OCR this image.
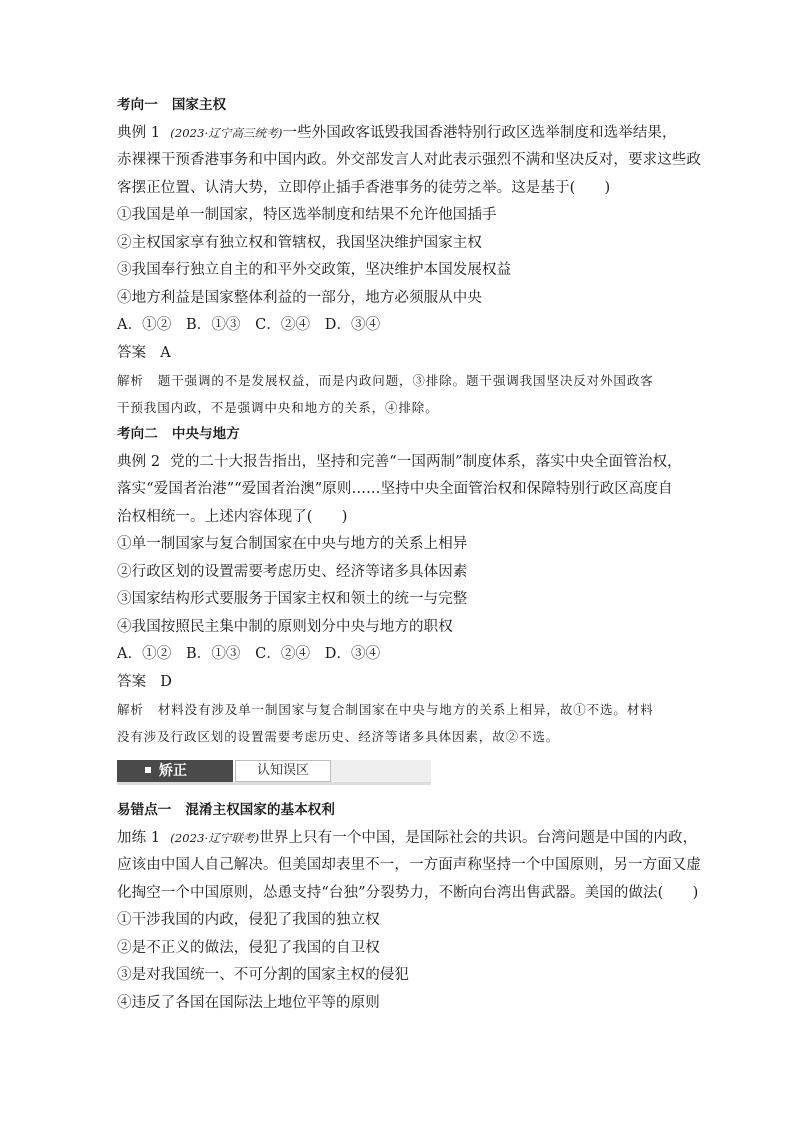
考向一 国家主权
典例 1 (2023·辽宁高三统考)一些外国政客诋毁我国香港特别行政区选举制度和选举结果，
赤裸裸干预香港事务和中国内政。外交部发言人对此表示强烈不满和坚决反对，要求这些政
客摆正位置、认清大势，立即停止插手香港事务的徒劳之举。这是基于(　　)
①我国是单一制国家，特区选举制度和结果不允许他国插手
②主权国家享有独立权和管辖权，我国坚决维护国家主权
③我国奉行独立自主的和平外交政策，坚决维护本国发展权益
④地方利益是国家整体利益的一部分，地方必须服从中央
A．①②　B．①③　C．②④　D．③④
答案 A
解析 题干强调的不是发展权益，而是内政问题，③排除。题干强调我国坚决反对外国政客
干预我国内政，不是强调中央和地方的关系，④排除。
考向二 中央与地方
典例 2 党的二十大报告指出，坚持和完善“一国两制”制度体系，落实中央全面管治权，
落实“爱国者治港”“爱国者治澳”原则……坚持中央全面管治权和保障特别行政区高度自
治权相统一。上述内容体现了(　　)
①单一制国家与复合制国家在中央与地方的关系上相异
②行政区划的设置需要考虑历史、经济等诸多具体因素
③国家结构形式要服务于国家主权和领土的统一与完整
④我国按照民主集中制的原则划分中央与地方的职权
A．①②　B．①③　C．②④　D．③④
答案 D
解析 材料没有涉及单一制国家与复合制国家在中央与地方的关系上相异，故①不选。材料
没有涉及行政区划的设置需要考虑历史、经济等诸多具体因素，故②不选。
矫正	认知误区
易错点一 混淆主权国家的基本权利
加练 1 (2023·辽宁联考)世界上只有一个中国，是国际社会的共识。台湾问题是中国的内政，
应该由中国人自己解决。但美国却表里不一，一方面声称坚持一个中国原则，另一方面又虚
化掏空一个中国原则，怂恿支持“台独”分裂势力，不断向台湾出售武器。美国的做法(　　)
①干涉我国的内政，侵犯了我国的独立权
②是不正义的做法，侵犯了我国的自卫权
③是对我国统一、不可分割的国家主权的侵犯
④违反了各国在国际法上地位平等的原则
